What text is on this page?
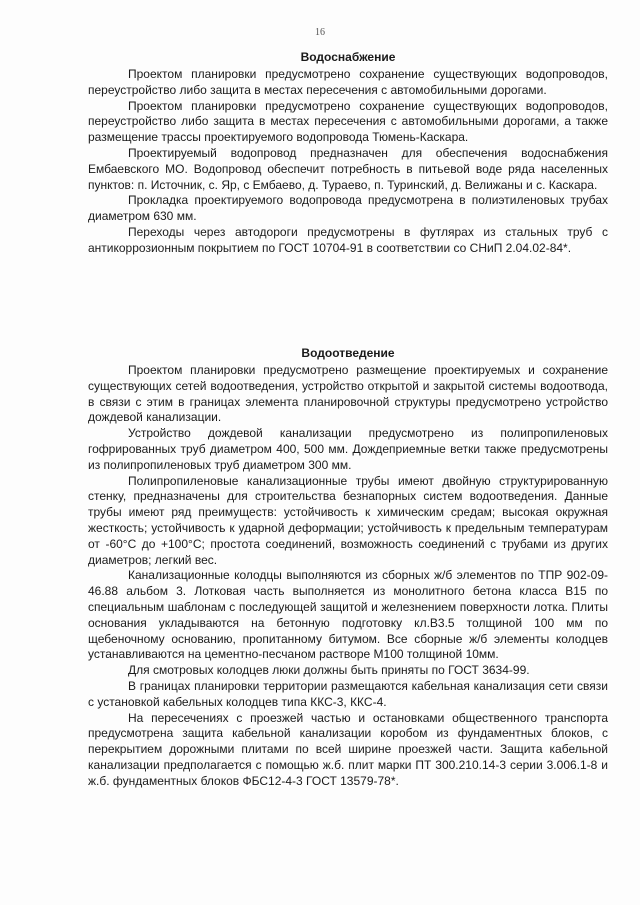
16
Водоснабжение

Проектом планировки предусмотрено сохранение существующих водопроводов, переустройство либо защита в местах пересечения с автомобильными дорогами.

Проектом планировки предусмотрено сохранение существующих водопроводов, переустройство либо защита в местах пересечения с автомобильными дорогами, а также размещение трассы проектируемого водопровода Тюмень-Каскара.

Проектируемый водопровод предназначен для обеспечения водоснабжения Ембаевского МО. Водопровод обеспечит потребность в питьевой воде ряда населенных пунктов: п. Источник, с. Яр, с Ембаево, д. Тураево, п. Туринский, д. Велижаны и с. Каскара.

Прокладка проектируемого водопровода предусмотрена в полиэтиленовых трубах диаметром 630 мм.

Переходы через автодороги предусмотрены в футлярах из стальных труб с антикоррозионным покрытием по ГОСТ 10704-91 в соответствии со СНиП 2.04.02-84*.

Водоотведение

Проектом планировки предусмотрено размещение проектируемых и сохранение существующих сетей водоотведения, устройство открытой и закрытой системы водоотвода, в связи с этим в границах элемента планировочной структуры предусмотрено устройство дождевой канализации.

Устройство дождевой канализации предусмотрено из полипропиленовых гофрированных труб диаметром 400, 500 мм. Дождеприемные ветки также предусмотрены из полипропиленовых труб диаметром 300 мм.

Полипропиленовые канализационные трубы имеют двойную структурированную стенку, предназначены для строительства безнапорных систем водоотведения. Данные трубы имеют ряд преимуществ: устойчивость к химическим средам; высокая окружная жесткость; устойчивость к ударной деформации; устойчивость к предельным температурам от -60°С до +100°С; простота соединений, возможность соединений с трубами из других диаметров; легкий вес.

Канализационные колодцы выполняются из сборных ж/б элементов по ТПР 902-09-46.88 альбом 3. Лотковая часть выполняется из монолитного бетона класса В15 по специальным шаблонам с последующей защитой и железнением поверхности лотка. Плиты основания укладываются на бетонную подготовку кл.В3.5 толщиной 100 мм по щебеночному основанию, пропитанному битумом. Все сборные ж/б элементы колодцев устанавливаются на цементно-песчаном растворе М100 толщиной 10мм.

Для смотровых колодцев люки должны быть приняты по ГОСТ 3634-99.

В границах планировки территории размещаются кабельная канализация сети связи с установкой кабельных колодцев типа ККС-3, ККС-4.

На пересечениях с проезжей частью и остановками общественного транспорта предусмотрена защита кабельной канализации коробом из фундаментных блоков, с перекрытием дорожными плитами по всей ширине проезжей части. Защита кабельной канализации предполагается с помощью ж.б. плит марки ПТ 300.210.14-3 серии 3.006.1-8 и ж.б. фундаментных блоков ФБС12-4-3 ГОСТ 13579-78*.
